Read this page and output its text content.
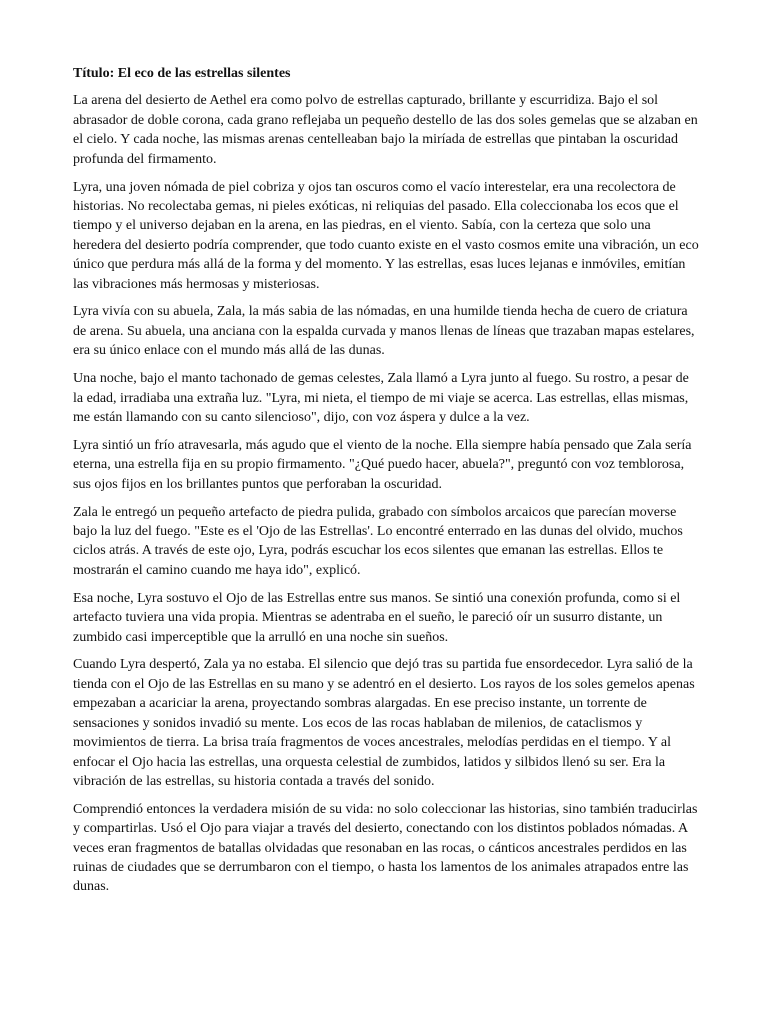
Título: El eco de las estrellas silentes

La arena del desierto de Aethel era como polvo de estrellas capturado, brillante y escurridiza. Bajo el sol abrasador de doble corona, cada grano reflejaba un pequeño destello de las dos soles gemelas que se alzaban en el cielo. Y cada noche, las mismas arenas centelleaban bajo la miríada de estrellas que pintaban la oscuridad profunda del firmamento.

Lyra, una joven nómada de piel cobriza y ojos tan oscuros como el vacío interestelar, era una recolectora de historias. No recolectaba gemas, ni pieles exóticas, ni reliquias del pasado. Ella coleccionaba los ecos que el tiempo y el universo dejaban en la arena, en las piedras, en el viento. Sabía, con la certeza que solo una heredera del desierto podría comprender, que todo cuanto existe en el vasto cosmos emite una vibración, un eco único que perdura más allá de la forma y del momento. Y las estrellas, esas luces lejanas e inmóviles, emitían las vibraciones más hermosas y misteriosas.

Lyra vivía con su abuela, Zala, la más sabia de las nómadas, en una humilde tienda hecha de cuero de criatura de arena. Su abuela, una anciana con la espalda curvada y manos llenas de líneas que trazaban mapas estelares, era su único enlace con el mundo más allá de las dunas.

Una noche, bajo el manto tachonado de gemas celestes, Zala llamó a Lyra junto al fuego. Su rostro, a pesar de la edad, irradiaba una extraña luz. "Lyra, mi nieta, el tiempo de mi viaje se acerca. Las estrellas, ellas mismas, me están llamando con su canto silencioso", dijo, con voz áspera y dulce a la vez.

Lyra sintió un frío atravesarla, más agudo que el viento de la noche. Ella siempre había pensado que Zala sería eterna, una estrella fija en su propio firmamento. "¿Qué puedo hacer, abuela?", preguntó con voz temblorosa, sus ojos fijos en los brillantes puntos que perforaban la oscuridad.

Zala le entregó un pequeño artefacto de piedra pulida, grabado con símbolos arcaicos que parecían moverse bajo la luz del fuego. "Este es el 'Ojo de las Estrellas'. Lo encontré enterrado en las dunas del olvido, muchos ciclos atrás. A través de este ojo, Lyra, podrás escuchar los ecos silentes que emanan las estrellas. Ellos te mostrarán el camino cuando me haya ido", explicó.

Esa noche, Lyra sostuvo el Ojo de las Estrellas entre sus manos. Se sintió una conexión profunda, como si el artefacto tuviera una vida propia. Mientras se adentraba en el sueño, le pareció oír un susurro distante, un zumbido casi imperceptible que la arrulló en una noche sin sueños.

Cuando Lyra despertó, Zala ya no estaba. El silencio que dejó tras su partida fue ensordecedor. Lyra salió de la tienda con el Ojo de las Estrellas en su mano y se adentró en el desierto. Los rayos de los soles gemelos apenas empezaban a acariciar la arena, proyectando sombras alargadas. En ese preciso instante, un torrente de sensaciones y sonidos invadió su mente. Los ecos de las rocas hablaban de milenios, de cataclismos y movimientos de tierra. La brisa traía fragmentos de voces ancestrales, melodías perdidas en el tiempo. Y al enfocar el Ojo hacia las estrellas, una orquesta celestial de zumbidos, latidos y silbidos llenó su ser. Era la vibración de las estrellas, su historia contada a través del sonido.

Comprendió entonces la verdadera misión de su vida: no solo coleccionar las historias, sino también traducirlas y compartirlas. Usó el Ojo para viajar a través del desierto, conectando con los distintos poblados nómadas. A veces eran fragmentos de batallas olvidadas que resonaban en las rocas, o cánticos ancestrales perdidos en las ruinas de ciudades que se derrumbaron con el tiempo, o hasta los lamentos de los animales atrapados entre las dunas.
